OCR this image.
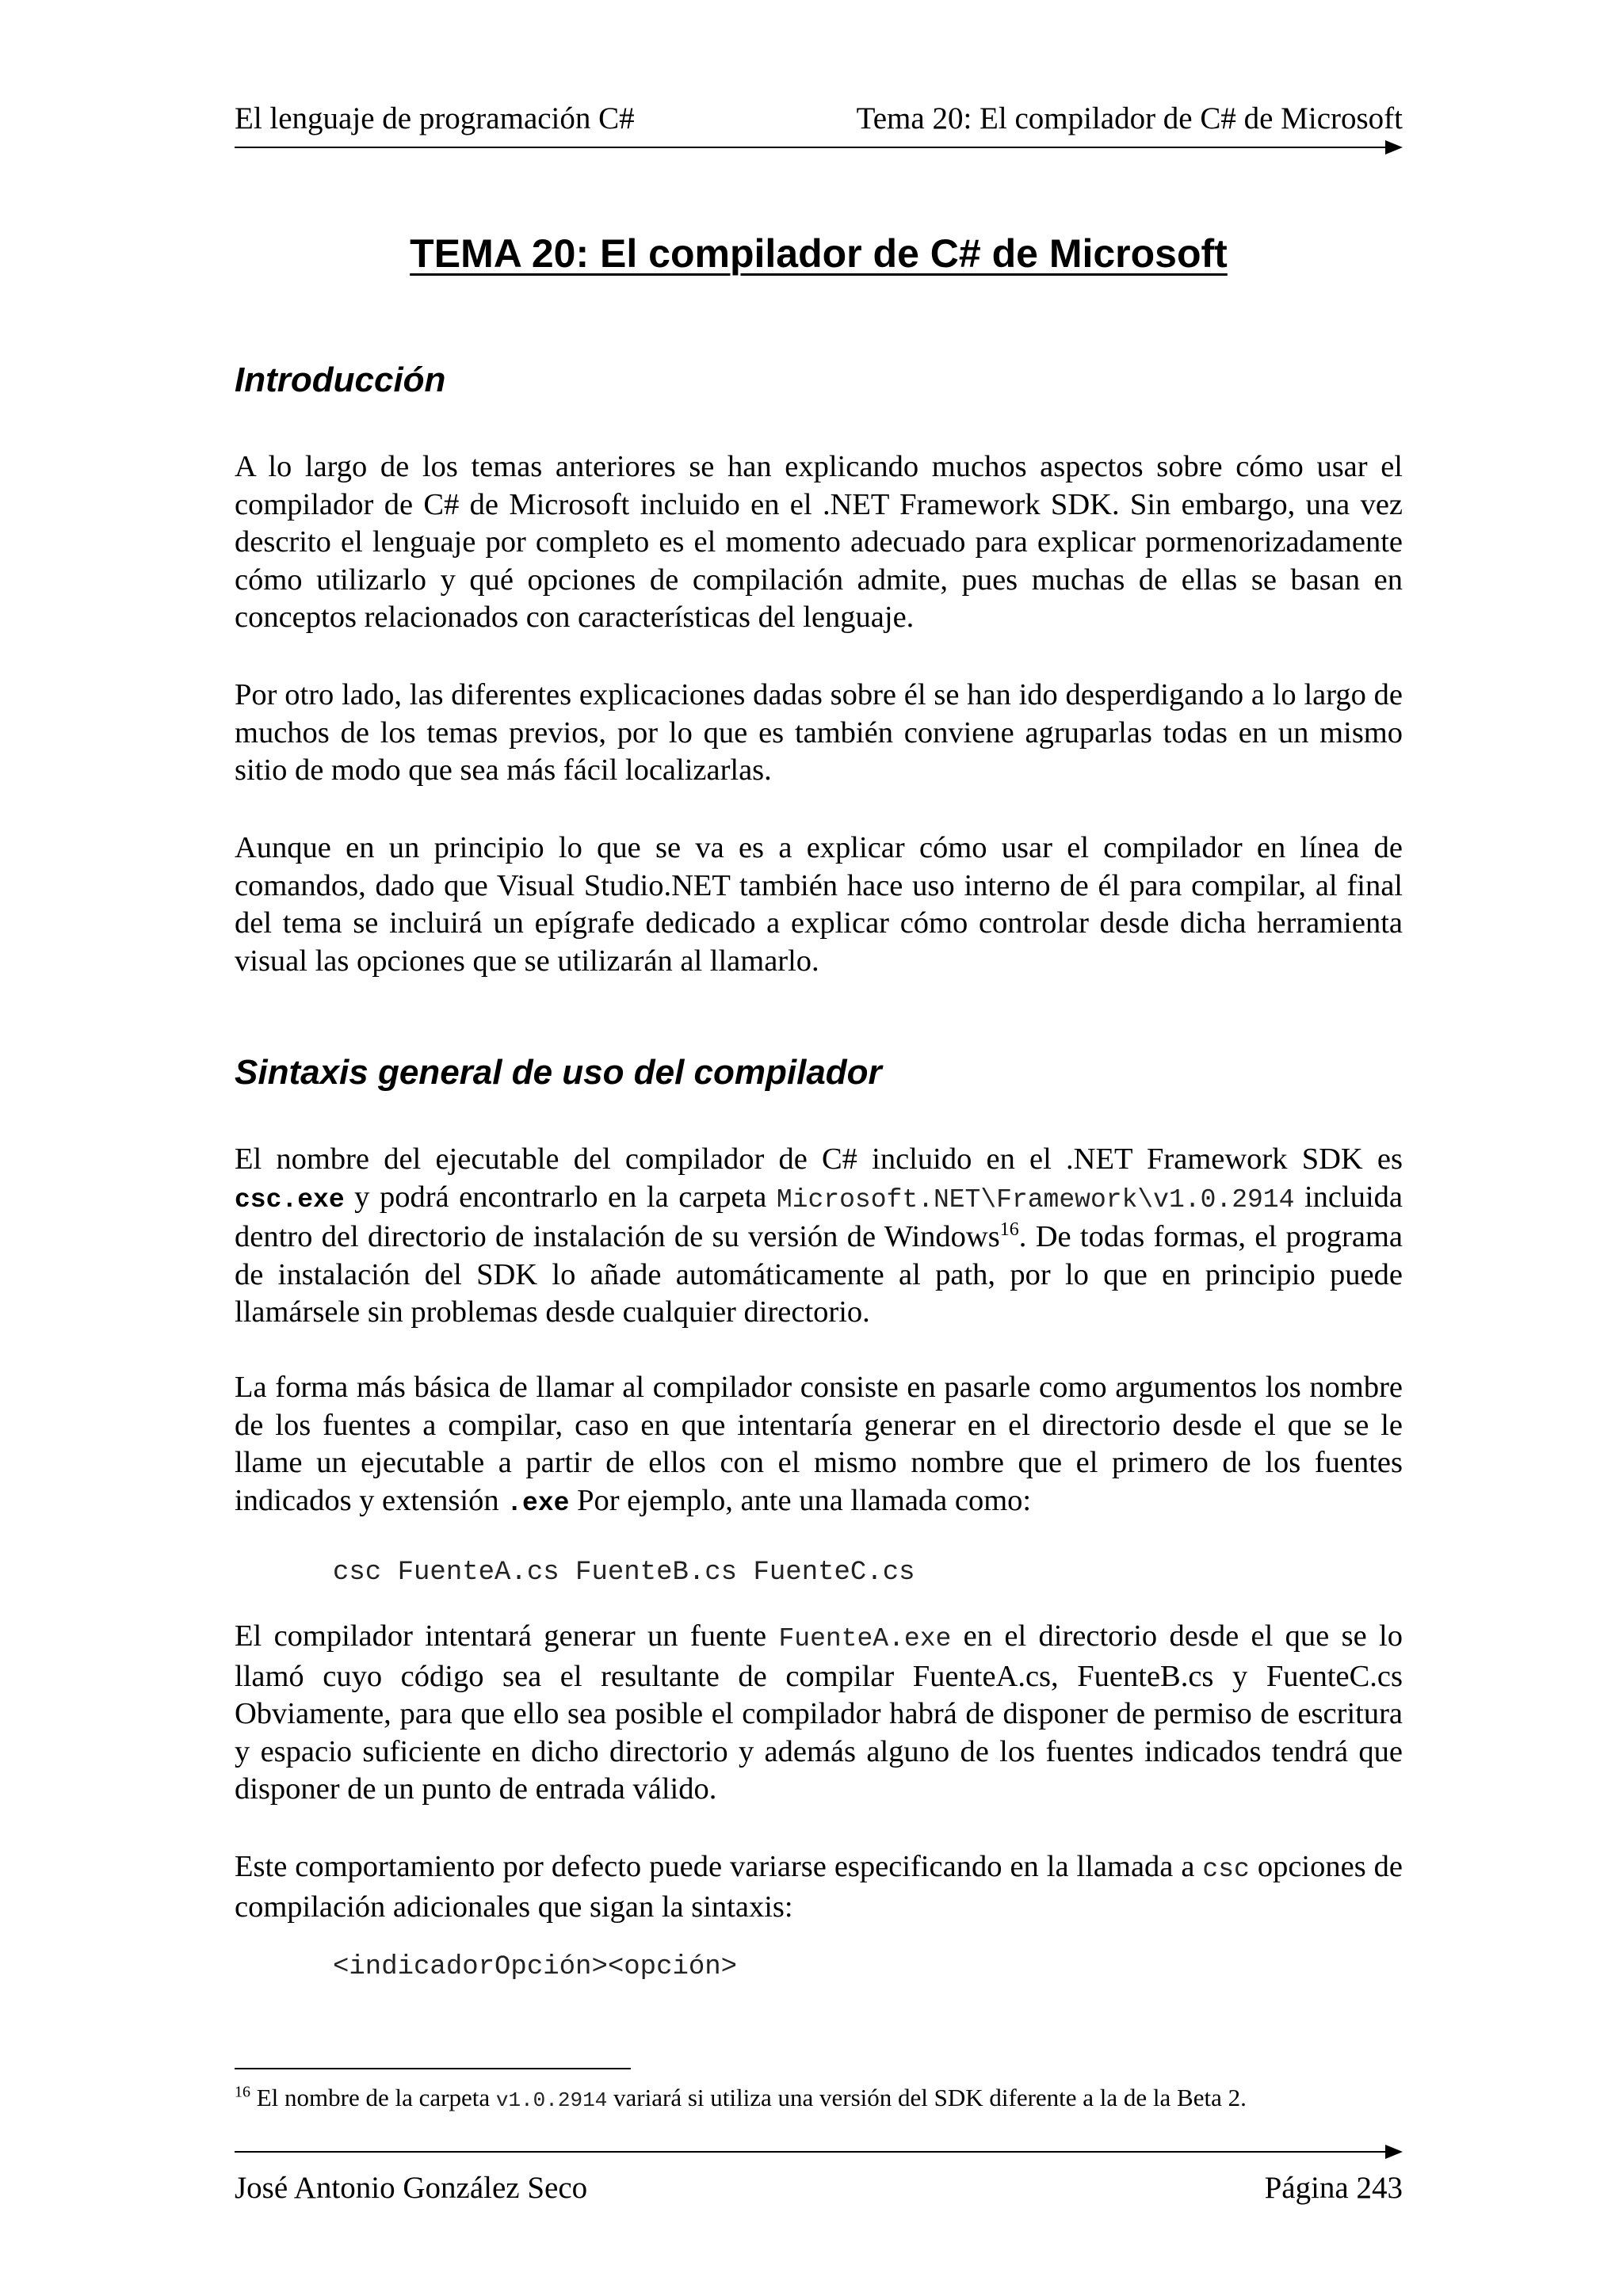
El lenguaje de programación C#	Tema 20: El compilador de C# de Microsoft
TEMA 20: El compilador de C# de Microsoft
Introducción

A lo largo de los temas anteriores se han explicando muchos aspectos sobre cómo usar el compilador de C# de Microsoft incluido en el .NET Framework SDK. Sin embargo, una vez descrito el lenguaje por completo es el momento adecuado para explicar pormenorizadamente cómo utilizarlo y qué opciones de compilación admite, pues muchas de ellas se basan en conceptos relacionados con características del lenguaje.

Por otro lado, las diferentes explicaciones dadas sobre él se han ido desperdigando a lo largo de muchos de los temas previos, por lo que es también conviene agruparlas todas en un mismo sitio de modo que sea más fácil localizarlas.

Aunque en un principio lo que se va es a explicar cómo usar el compilador en línea de comandos, dado que Visual Studio.NET también hace uso interno de él para compilar, al final del tema se incluirá un epígrafe dedicado a explicar cómo controlar desde dicha herramienta visual las opciones que se utilizarán al llamarlo.

Sintaxis general de uso del compilador

El nombre del ejecutable del compilador de C# incluido en el .NET Framework SDK es csc.exe y podrá encontrarlo en la carpeta Microsoft.NET\Framework\v1.0.2914 incluida dentro del directorio de instalación de su versión de Windows$^{16}$. De todas formas, el programa de instalación del SDK lo añade automáticamente al path, por lo que en principio puede llamársele sin problemas desde cualquier directorio.

La forma más básica de llamar al compilador consiste en pasarle como argumentos los nombre de los fuentes a compilar, caso en que intentaría generar en el directorio desde el que se le llame un ejecutable a partir de ellos con el mismo nombre que el primero de los fuentes indicados y extensión .exe Por ejemplo, ante una llamada como:

csc FuenteA.cs FuenteB.cs FuenteC.cs

El compilador intentará generar un fuente FuenteA.exe en el directorio desde el que se lo llamó cuyo código sea el resultante de compilar FuenteA.cs, FuenteB.cs y FuenteC.cs Obviamente, para que ello sea posible el compilador habrá de disponer de permiso de escritura y espacio suficiente en dicho directorio y además alguno de los fuentes indicados tendrá que disponer de un punto de entrada válido.

Este comportamiento por defecto puede variarse especificando en la llamada a csc opciones de compilación adicionales que sigan la sintaxis:

<indicadorOpción><opción>
$^{16}$ El nombre de la carpeta v1.0.2914 variará si utiliza una versión del SDK diferente a la de la Beta 2.
José Antonio González Seco	Página 243
